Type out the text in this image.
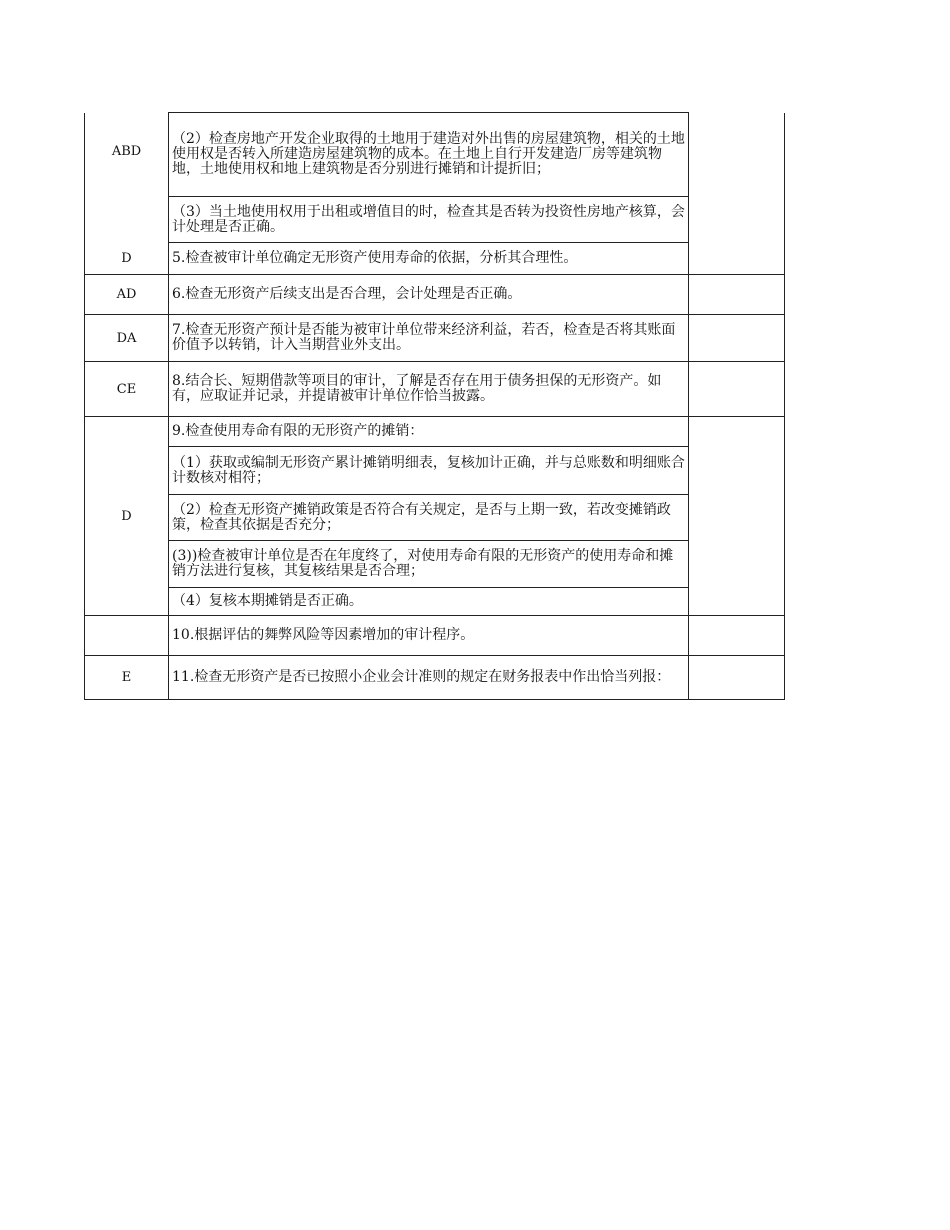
ABD	（2）检查房地产开发企业取得的土地用于建造对外出售的房屋建筑物，相关的土地使用权是否转入所建造房屋建筑物的成本。在土地上自行开发建造厂房等建筑物地，土地使用权和地上建筑物是否分别进行摊销和计提折旧；	
	（3）当土地使用权用于出租或增值目的时，检查其是否转为投资性房地产核算，会计处理是否正确。	
D	5.检查被审计单位确定无形资产使用寿命的依据，分析其合理性。	
AD	6.检查无形资产后续支出是否合理，会计处理是否正确。	
DA	7.检查无形资产预计是否能为被审计单位带来经济利益，若否，检查是否将其账面价值予以转销，计入当期营业外支出。	
CE	8.结合长、短期借款等项目的审计，了解是否存在用于债务担保的无形资产。如有，应取证并记录，并提请被审计单位作恰当披露。	
D	9.检查使用寿命有限的无形资产的摊销：	
	（1）获取或编制无形资产累计摊销明细表，复核加计正确，并与总账数和明细账合计数核对相符；	
	（2）检查无形资产摊销政策是否符合有关规定，是否与上期一致，若改变摊销政策，检查其依据是否充分；	
	(3))检查被审计单位是否在年度终了，对使用寿命有限的无形资产的使用寿命和摊销方法进行复核，其复核结果是否合理；	
	（4）复核本期摊销是否正确。	
	10.根据评估的舞弊风险等因素增加的审计程序。	
E	11.检查无形资产是否已按照小企业会计准则的规定在财务报表中作出恰当列报：	
